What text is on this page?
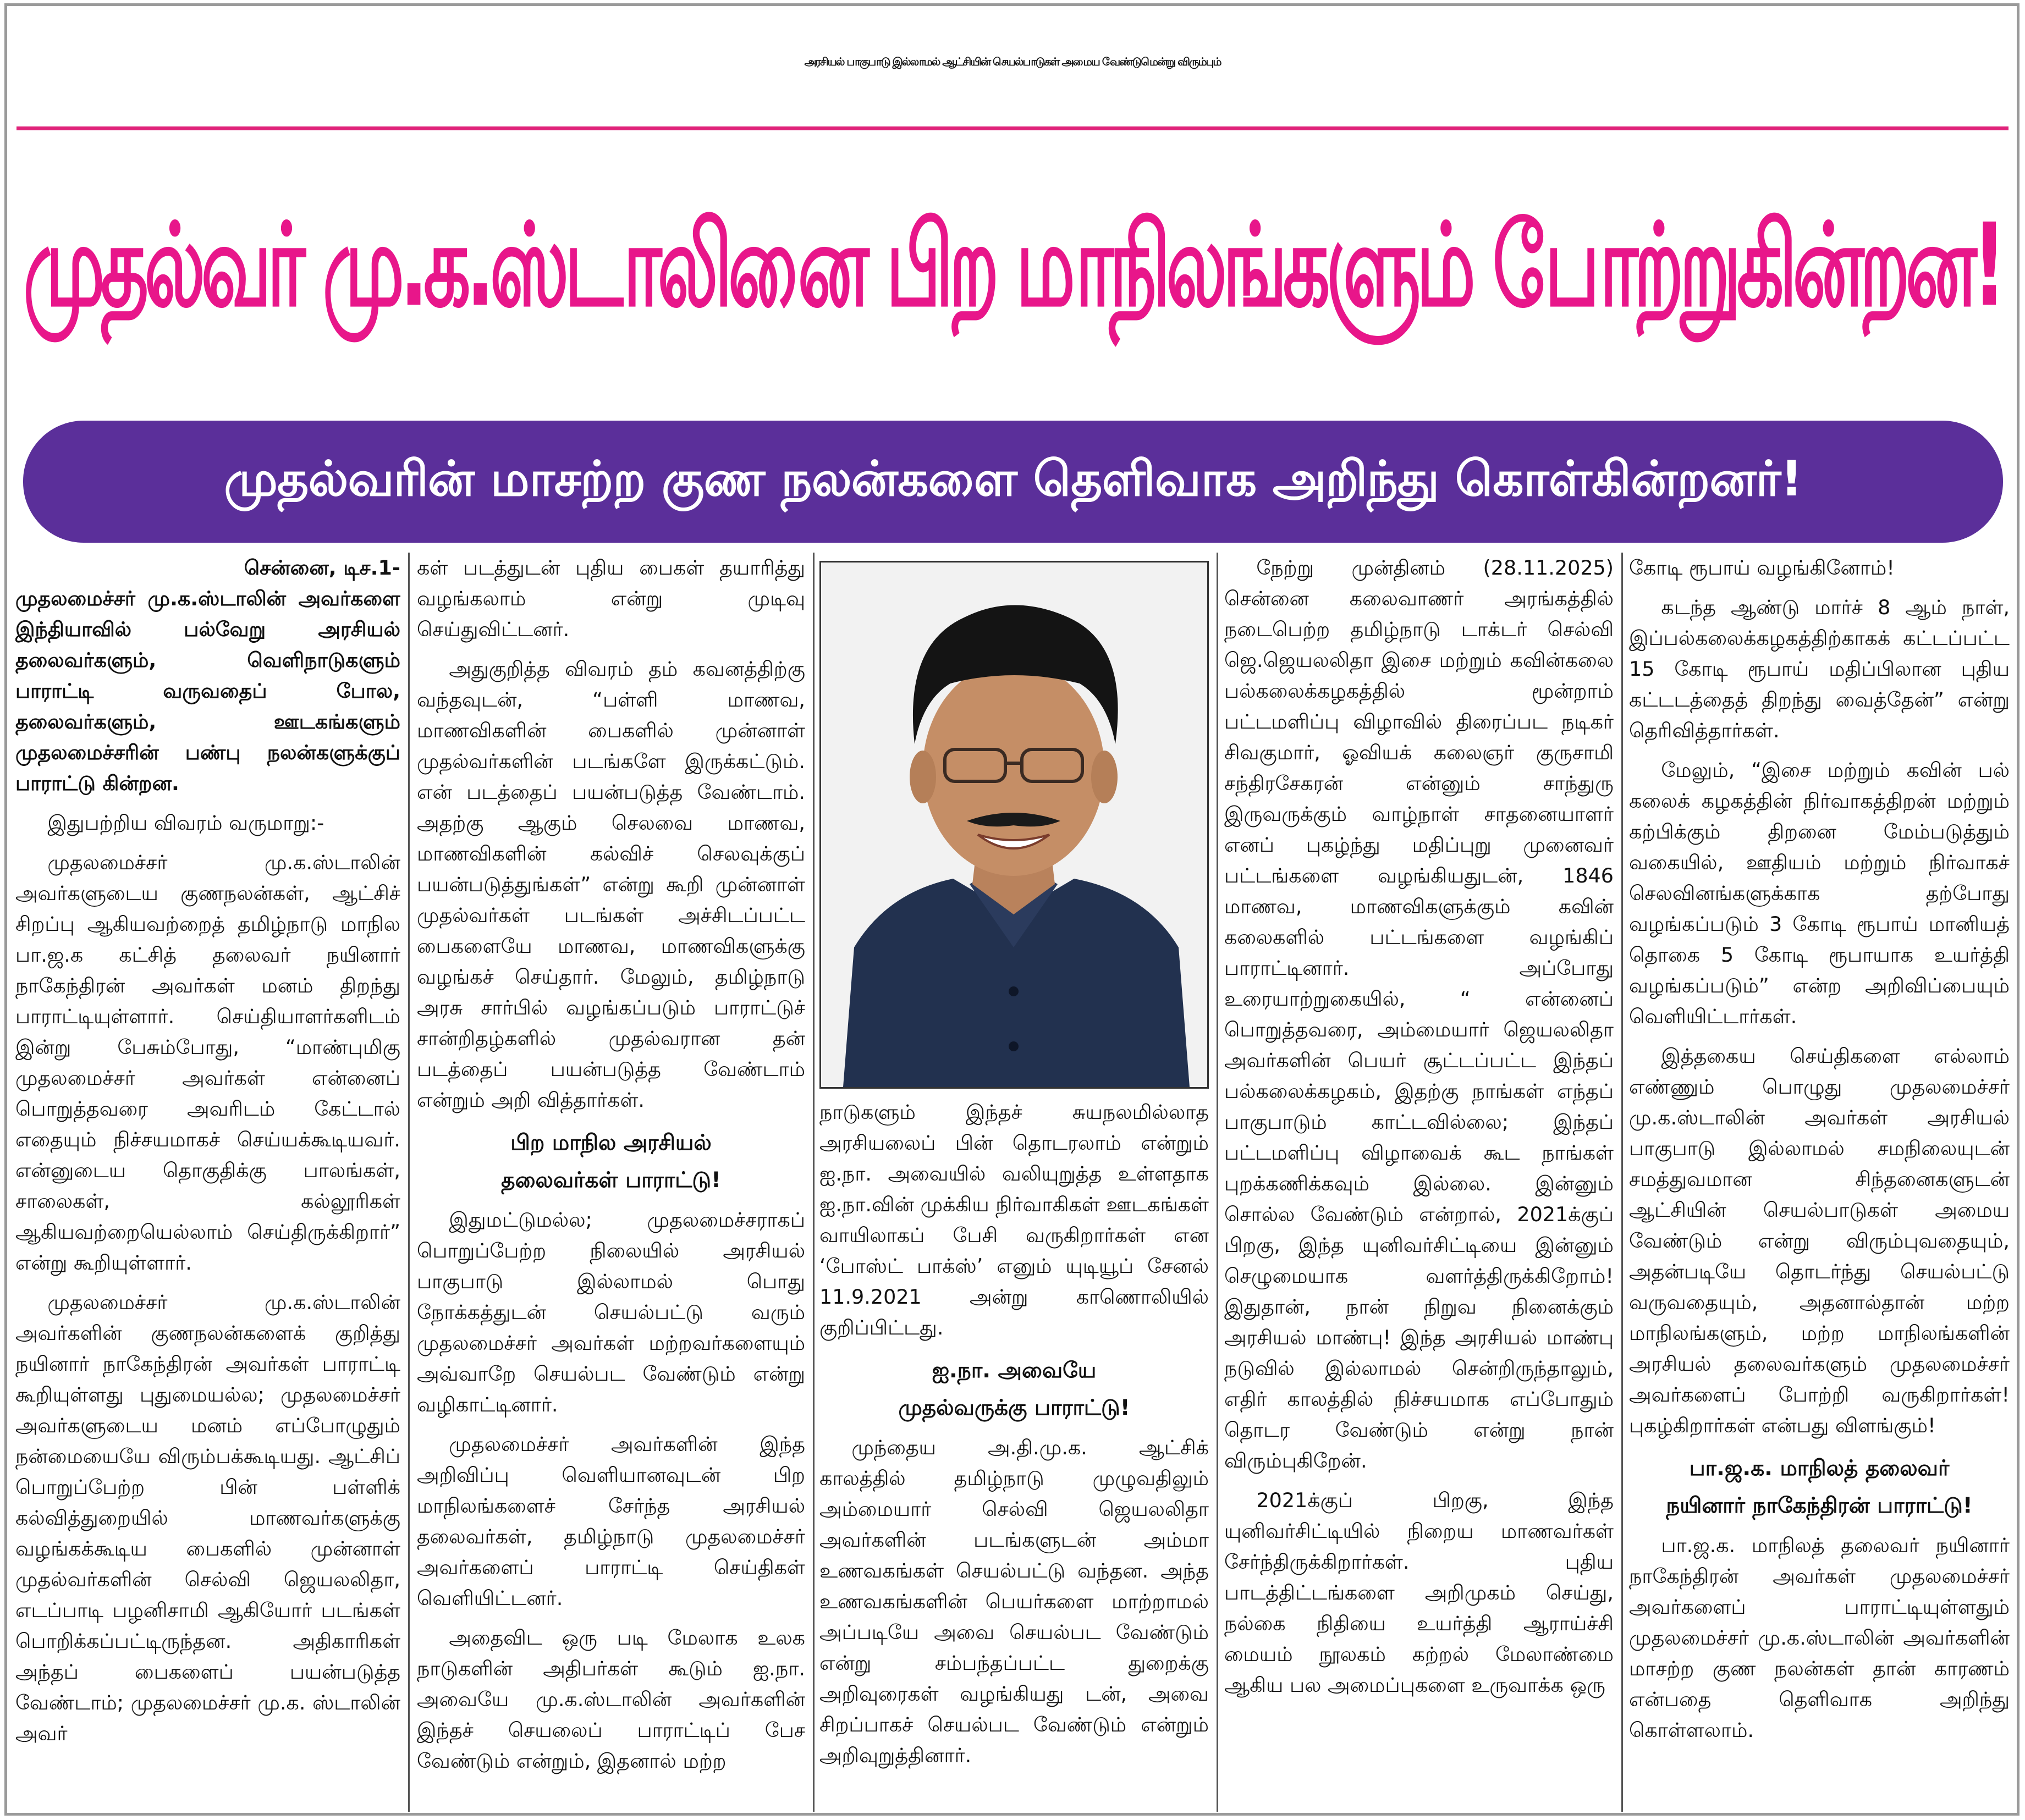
அரசியல் பாகுபாடு இல்லாமல் ஆட்சியின் செயல்பாடுகள் அமைய வேண்டுமென்று விரும்பும்
முதல்வர் மு.க.ஸ்டாலினை பிற மாநிலங்களும் போற்றுகின்றன!
முதல்வரின் மாசற்ற குண நலன்களை தெளிவாக அறிந்து கொள்கின்றனர்!

சென்னை, டிச.1-

முதலமைச்சர் மு.க.ஸ்டாலின் அவர்களை இந்தியாவில் பல்வேறு அரசியல் தலைவர்களும், வெளிநாடுகளும் பாராட்டி வருவதைப் போல, தலைவர்களும், ஊடகங்களும் முதலமைச்சரின் பண்பு நலன்களுக்குப் பாராட்டு கின்றன.

இதுபற்றிய விவரம் வருமாறு:-

முதலமைச்சர் மு.க.ஸ்டாலின் அவர்களுடைய குணநலன்கள், ஆட்சிச் சிறப்பு ஆகியவற்றைத் தமிழ்நாடு மாநில பா.ஜ.க கட்சித் தலைவர் நயினார் நாகேந்திரன் அவர்கள் மனம் திறந்து பாராட்டியுள்ளார். செய்தியாளர்களிடம் இன்று பேசும்போது, “மாண்புமிகு முதலமைச்சர் அவர்கள் என்னைப் பொறுத்தவரை அவரிடம் கேட்டால் எதையும் நிச்சயமாகச் செய்யக்கூடியவர். என்னுடைய தொகுதிக்கு பாலங்கள், சாலைகள், கல்லூரிகள் ஆகியவற்றையெல்லாம் செய்திருக்கிறார்” என்று கூறியுள்ளார்.

முதலமைச்சர் மு.க.ஸ்டாலின் அவர்களின் குணநலன்களைக் குறித்து நயினார் நாகேந்திரன் அவர்கள் பாராட்டி கூறியுள்ளது புதுமையல்ல; முதலமைச்சர் அவர்களுடைய மனம் எப்போழுதும் நன்மையையே விரும்பக்கூடியது. ஆட்சிப் பொறுப்பேற்ற பின் பள்ளிக் கல்வித்துறையில் மாணவர்களுக்கு வழங்கக்கூடிய பைகளில் முன்னாள் முதல்வர்களின் செல்வி ஜெயலலிதா, எடப்பாடி பழனிசாமி ஆகியோர் படங்கள் பொறிக்கப்பட்டிருந்தன. அதிகாரிகள் அந்தப் பைகளைப் பயன்படுத்த வேண்டாம்; முதலமைச்சர் மு.க. ஸ்டாலின் அவர்

கள் படத்துடன் புதிய பைகள் தயாரித்து வழங்கலாம் என்று முடிவு செய்துவிட்டனர்.

அதுகுறித்த விவரம் தம் கவனத்திற்கு வந்தவுடன், “பள்ளி மாணவ, மாணவிகளின் பைகளில் முன்னாள் முதல்வர்களின் படங்களே இருக்கட்டும். என் படத்தைப் பயன்படுத்த வேண்டாம். அதற்கு ஆகும் செலவை மாணவ, மாணவிகளின் கல்விச் செலவுக்குப் பயன்படுத்துங்கள்” என்று கூறி முன்னாள் முதல்வர்கள் படங்கள் அச்சிடப்பட்ட பைகளையே மாணவ, மாணவிகளுக்கு வழங்கச் செய்தார். மேலும், தமிழ்நாடு அரசு சார்பில் வழங்கப்படும் பாராட்டுச் சான்றிதழ்களில் முதல்வரான தன் படத்தைப் பயன்படுத்த வேண்டாம் என்றும் அறி வித்தார்கள்.

பிற மாநில அரசியல்
தலைவர்கள் பாராட்டு!

இதுமட்டுமல்ல; முதலமைச்சராகப் பொறுப்பேற்ற நிலையில் அரசியல் பாகுபாடு இல்லாமல் பொது நோக்கத்துடன் செயல்பட்டு வரும் முதலமைச்சர் அவர்கள் மற்றவர்களையும் அவ்வாறே செயல்பட வேண்டும் என்று வழிகாட்டினார்.

முதலமைச்சர் அவர்களின் இந்த அறிவிப்பு வெளியானவுடன் பிற மாநிலங்களைச் சேர்ந்த அரசியல் தலைவர்கள், தமிழ்நாடு முதலமைச்சர் அவர்களைப் பாராட்டி செய்திகள் வெளியிட்டனர்.

அதைவிட ஒரு படி மேலாக உலக நாடுகளின் அதிபர்கள் கூடும் ஐ.நா. அவையே மு.க.ஸ்டாலின் அவர்களின் இந்தச் செயலைப் பாராட்டிப் பேச வேண்டும் என்றும், இதனால் மற்ற

நாடுகளும் இந்தச் சுயநலமில்லாத அரசியலைப் பின் தொடரலாம் என்றும் ஐ.நா. அவையில் வலியுறுத்த உள்ளதாக ஐ.நா.வின் முக்கிய நிர்வாகிகள் ஊடகங்கள் வாயிலாகப் பேசி வருகிறார்கள் என ‘போஸ்ட் பாக்ஸ்’ எனும் யுடியூப் சேனல் 11.9.2021 அன்று காணொலியில் குறிப்பிட்டது.

ஐ.நா. அவையே
முதல்வருக்கு பாராட்டு!

முந்தைய அ.தி.மு.க. ஆட்சிக் காலத்தில் தமிழ்நாடு முழுவதிலும் அம்மையார் செல்வி ஜெயலலிதா அவர்களின் படங்களுடன் அம்மா உணவகங்கள் செயல்பட்டு வந்தன. அந்த உணவகங்களின் பெயர்களை மாற்றாமல் அப்படியே அவை செயல்பட வேண்டும் என்று சம்பந்தப்பட்ட துறைக்கு அறிவுரைகள் வழங்கியது டன், அவை சிறப்பாகச் செயல்பட வேண்டும் என்றும் அறிவுறுத்தினார்.

நேற்று முன்தினம் (28.11.2025) சென்னை கலைவாணர் அரங்கத்தில் நடைபெற்ற தமிழ்நாடு டாக்டர் செல்வி ஜெ.ஜெயலலிதா இசை மற்றும் கவின்கலை பல்கலைக்கழகத்தில் மூன்றாம் பட்டமளிப்பு விழாவில் திரைப்பட நடிகர் சிவகுமார், ஓவியக் கலைஞர் குருசாமி சந்திரசேகரன் என்னும் சாந்துரு இருவருக்கும் வாழ்நாள் சாதனையாளர் எனப் புகழ்ந்து மதிப்புறு முனைவர் பட்டங்களை வழங்கியதுடன், 1846 மாணவ, மாணவிகளுக்கும் கவின் கலைகளில் பட்டங்களை வழங்கிப் பாராட்டினார். அப்போது உரையாற்றுகையில், “ என்னைப் பொறுத்தவரை, அம்மையார் ஜெயலலிதா அவர்களின் பெயர் சூட்டப்பட்ட இந்தப் பல்கலைக்கழகம், இதற்கு நாங்கள் எந்தப் பாகுபாடும் காட்டவில்லை; இந்தப் பட்டமளிப்பு விழாவைக் கூட நாங்கள் புறக்கணிக்கவும் இல்லை. இன்னும் சொல்ல வேண்டும் என்றால், 2021க்குப் பிறகு, இந்த யுனிவர்சிட்டியை இன்னும் செழுமையாக வளர்த்திருக்கிறோம்! இதுதான், நான் நிறுவ நினைக்கும் அரசியல் மாண்பு! இந்த அரசியல் மாண்பு நடுவில் இல்லாமல் சென்றிருந்தாலும், எதிர் காலத்தில் நிச்சயமாக எப்போதும் தொடர வேண்டும் என்று நான் விரும்புகிறேன்.

2021க்குப் பிறகு, இந்த யுனிவர்சிட்டியில் நிறைய மாணவர்கள் சேர்ந்திருக்கிறார்கள். புதிய பாடத்திட்டங்களை அறிமுகம் செய்து, நல்கை நிதியை உயர்த்தி ஆராய்ச்சி மையம் நூலகம் கற்றல் மேலாண்மை ஆகிய பல அமைப்புகளை உருவாக்க ஒரு

கோடி ரூபாய் வழங்கினோம்!

கடந்த ஆண்டு மார்ச் 8 ஆம் நாள், இப்பல்கலைக்கழகத்திற்காகக் கட்டப்பட்ட 15 கோடி ரூபாய் மதிப்பிலான புதிய கட்டடத்தைத் திறந்து வைத்தேன்” என்று தெரிவித்தார்கள்.

மேலும், “இசை மற்றும் கவின் பல் கலைக் கழகத்தின் நிர்வாகத்திறன் மற்றும் கற்பிக்கும் திறனை மேம்படுத்தும் வகையில், ஊதியம் மற்றும் நிர்வாகச் செலவினங்களுக்காக தற்போது வழங்கப்படும் 3 கோடி ரூபாய் மானியத் தொகை 5 கோடி ரூபாயாக உயர்த்தி வழங்கப்படும்” என்ற அறிவிப்பையும் வெளியிட்டார்கள்.

இத்தகைய செய்திகளை எல்லாம் எண்ணும் பொழுது முதலமைச்சர் மு.க.ஸ்டாலின் அவர்கள் அரசியல் பாகுபாடு இல்லாமல் சமநிலையுடன் சமத்துவமான சிந்தனைகளுடன் ஆட்சியின் செயல்பாடுகள் அமைய வேண்டும் என்று விரும்புவதையும், அதன்படியே தொடர்ந்து செயல்பட்டு வருவதையும், அதனால்தான் மற்ற மாநிலங்களும், மற்ற மாநிலங்களின் அரசியல் தலைவர்களும் முதலமைச்சர் அவர்களைப் போற்றி வருகிறார்கள்! புகழ்கிறார்கள் என்பது விளங்கும்!

பா.ஜ.க. மாநிலத் தலைவர்
நயினார் நாகேந்திரன் பாராட்டு!

பா.ஜ.க. மாநிலத் தலைவர் நயினார் நாகேந்திரன் அவர்கள் முதலமைச்சர் அவர்களைப் பாராட்டியுள்ளதும் முதலமைச்சர் மு.க.ஸ்டாலின் அவர்களின் மாசற்ற குண நலன்கள் தான் காரணம் என்பதை தெளிவாக அறிந்து கொள்ளலாம்.
